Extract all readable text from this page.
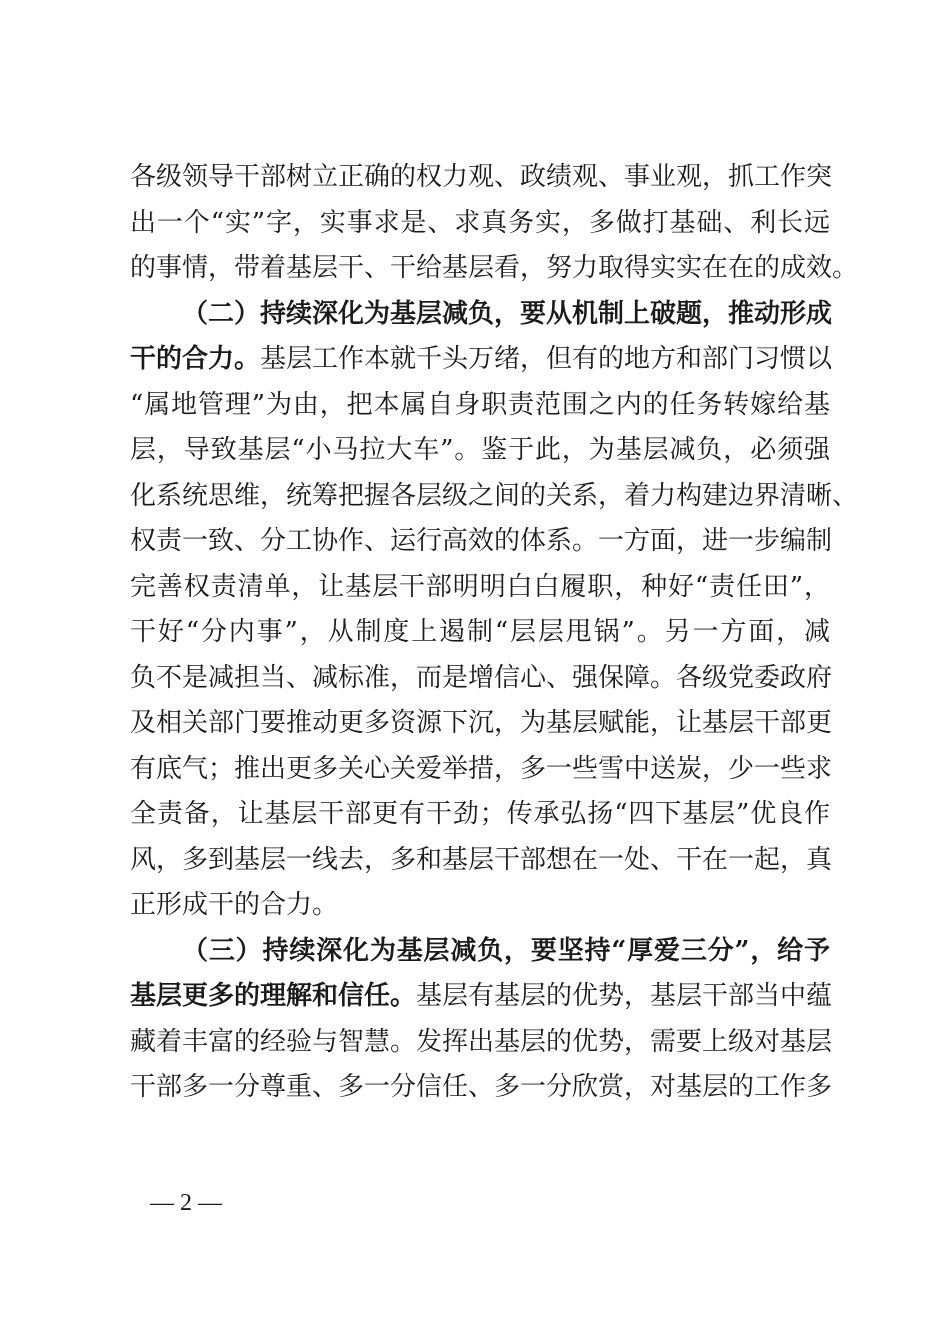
各级领导干部树立正确的权力观、政绩观、事业观，抓工作突
出一个“实”字，实事求是、求真务实，多做打基础、利长远
的事情，带着基层干、干给基层看，努力取得实实在在的成效。
（二）持续深化为基层减负，要从机制上破题，推动形成
干的合力。基层工作本就千头万绪，但有的地方和部门习惯以
“属地管理”为由，把本属自身职责范围之内的任务转嫁给基
层，导致基层“小马拉大车”。鉴于此，为基层减负，必须强
化系统思维，统筹把握各层级之间的关系，着力构建边界清晰、
权责一致、分工协作、运行高效的体系。一方面，进一步编制
完善权责清单，让基层干部明明白白履职，种好“责任田”，
干好“分内事”，从制度上遏制“层层甩锅”。另一方面，减
负不是减担当、减标准，而是增信心、强保障。各级党委政府
及相关部门要推动更多资源下沉，为基层赋能，让基层干部更
有底气；推出更多关心关爱举措，多一些雪中送炭，少一些求
全责备，让基层干部更有干劲；传承弘扬“四下基层”优良作
风，多到基层一线去，多和基层干部想在一处、干在一起，真
正形成干的合力。
（三）持续深化为基层减负，要坚持“厚爱三分”，给予
基层更多的理解和信任。基层有基层的优势，基层干部当中蕴
藏着丰富的经验与智慧。发挥出基层的优势，需要上级对基层
干部多一分尊重、多一分信任、多一分欣赏，对基层的工作多
— 2 —
